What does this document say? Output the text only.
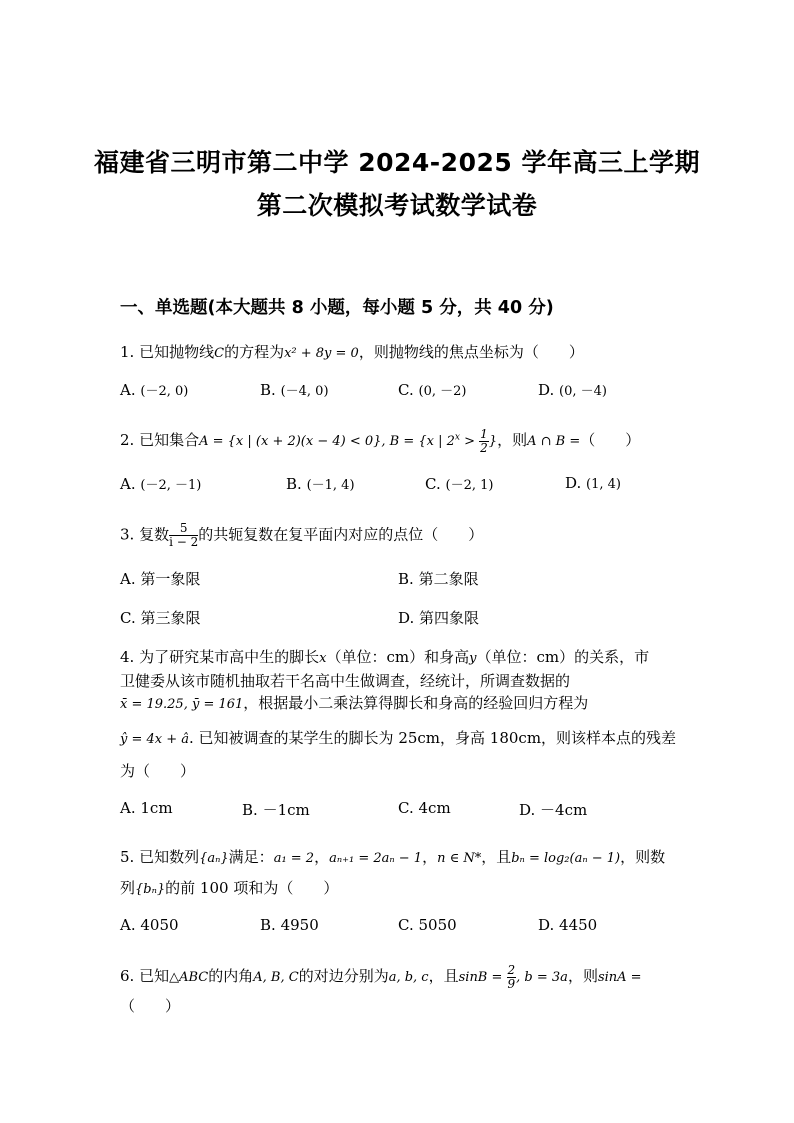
福建省三明市第二中学 2024-2025 学年高三上学期
第二次模拟考试数学试卷
一、单选题(本大题共 8 小题，每小题 5 分，共 40 分)
1. 已知抛物线C的方程为x² + 8y = 0，则抛物线的焦点坐标为（　　）
A. (－2, 0)	B. (－4, 0)	C. (0, －2)	D. (0, －4)
2. 已知集合A = {x | (x + 2)(x − 4) < 0}, B = {x | $2^x > \frac{1}{2}$ }，则A ∩ B =（　　）
A. (－2, －1)	B. (－1, 4)	C. (－2, 1)	D. (1, 4)
3. 复数 $\frac{5}{i - 2}$ 的共轭复数在复平面内对应的点位（　　）
A. 第一象限	B. 第二象限
C. 第三象限	D. 第四象限
4. 为了研究某市高中生的脚长x（单位：cm）和身高y（单位：cm）的关系，市
卫健委从该市随机抽取若干名高中生做调查，经统计，所调查数据的
x̄ = 19.25, ȳ = 161，根据最小二乘法算得脚长和身高的经验回归方程为
ŷ = 4x + â. 已知被调查的某学生的脚长为 25cm，身高 180cm，则该样本点的残差
为（　　）
A. 1cm	B. －1cm	C. 4cm	D. －4cm
5. 已知数列{aₙ}满足：a₁ = 2，aₙ₊₁ = 2aₙ − 1，n ∈ N*，且bₙ = log₂(aₙ − 1)，则数
列{bₙ}的前 100 项和为（　　）
A. 4050	B. 4950	C. 5050	D. 4450
6. 已知△ABC的内角A, B, C的对边分别为a, b, c，且$\sin B = \frac{2}{9}$ , b = 3a，则sinA =
（　　）
